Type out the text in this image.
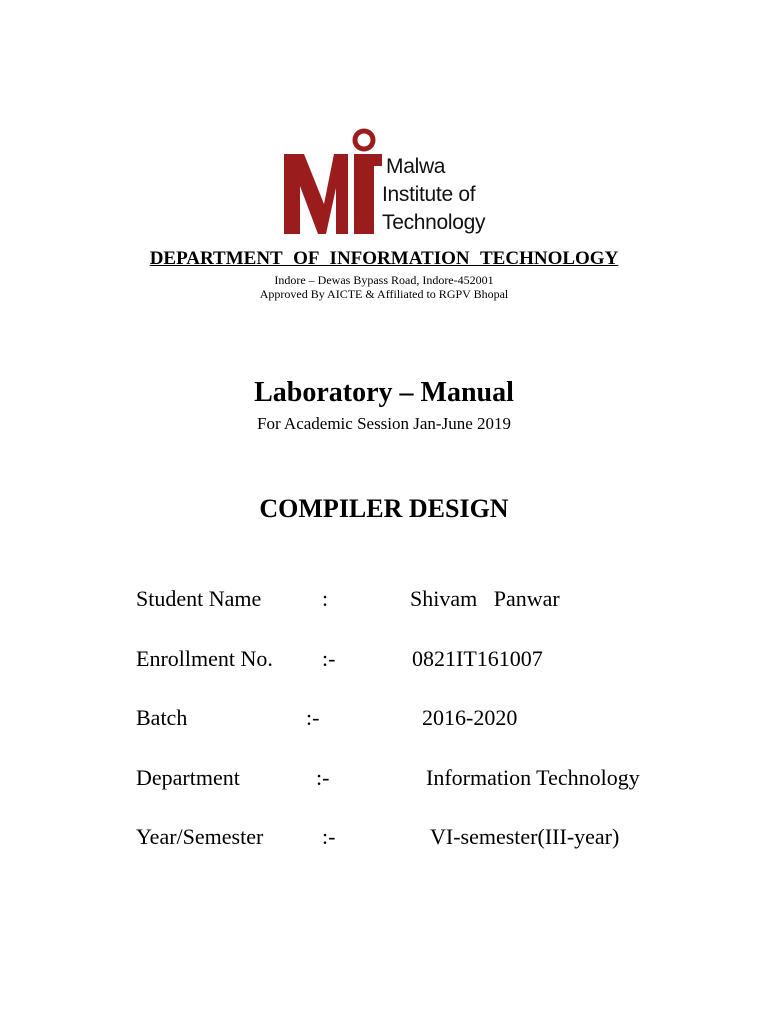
Malwa
Institute of
Technology
DEPARTMENT OF INFORMATION TECHNOLOGY
Indore – Dewas Bypass Road, Indore-452001
Approved By AICTE & Affiliated to RGPV Bhopal
Laboratory – Manual
For Academic Session Jan-June 2019
COMPILER DESIGN
Student Name	:	Shivam   Panwar
Enrollment No. :-	0821IT161007
Batch	:-	2016-2020
Department	:-	Information Technology
Year/Semester	:-	VI-semester(III-year)
